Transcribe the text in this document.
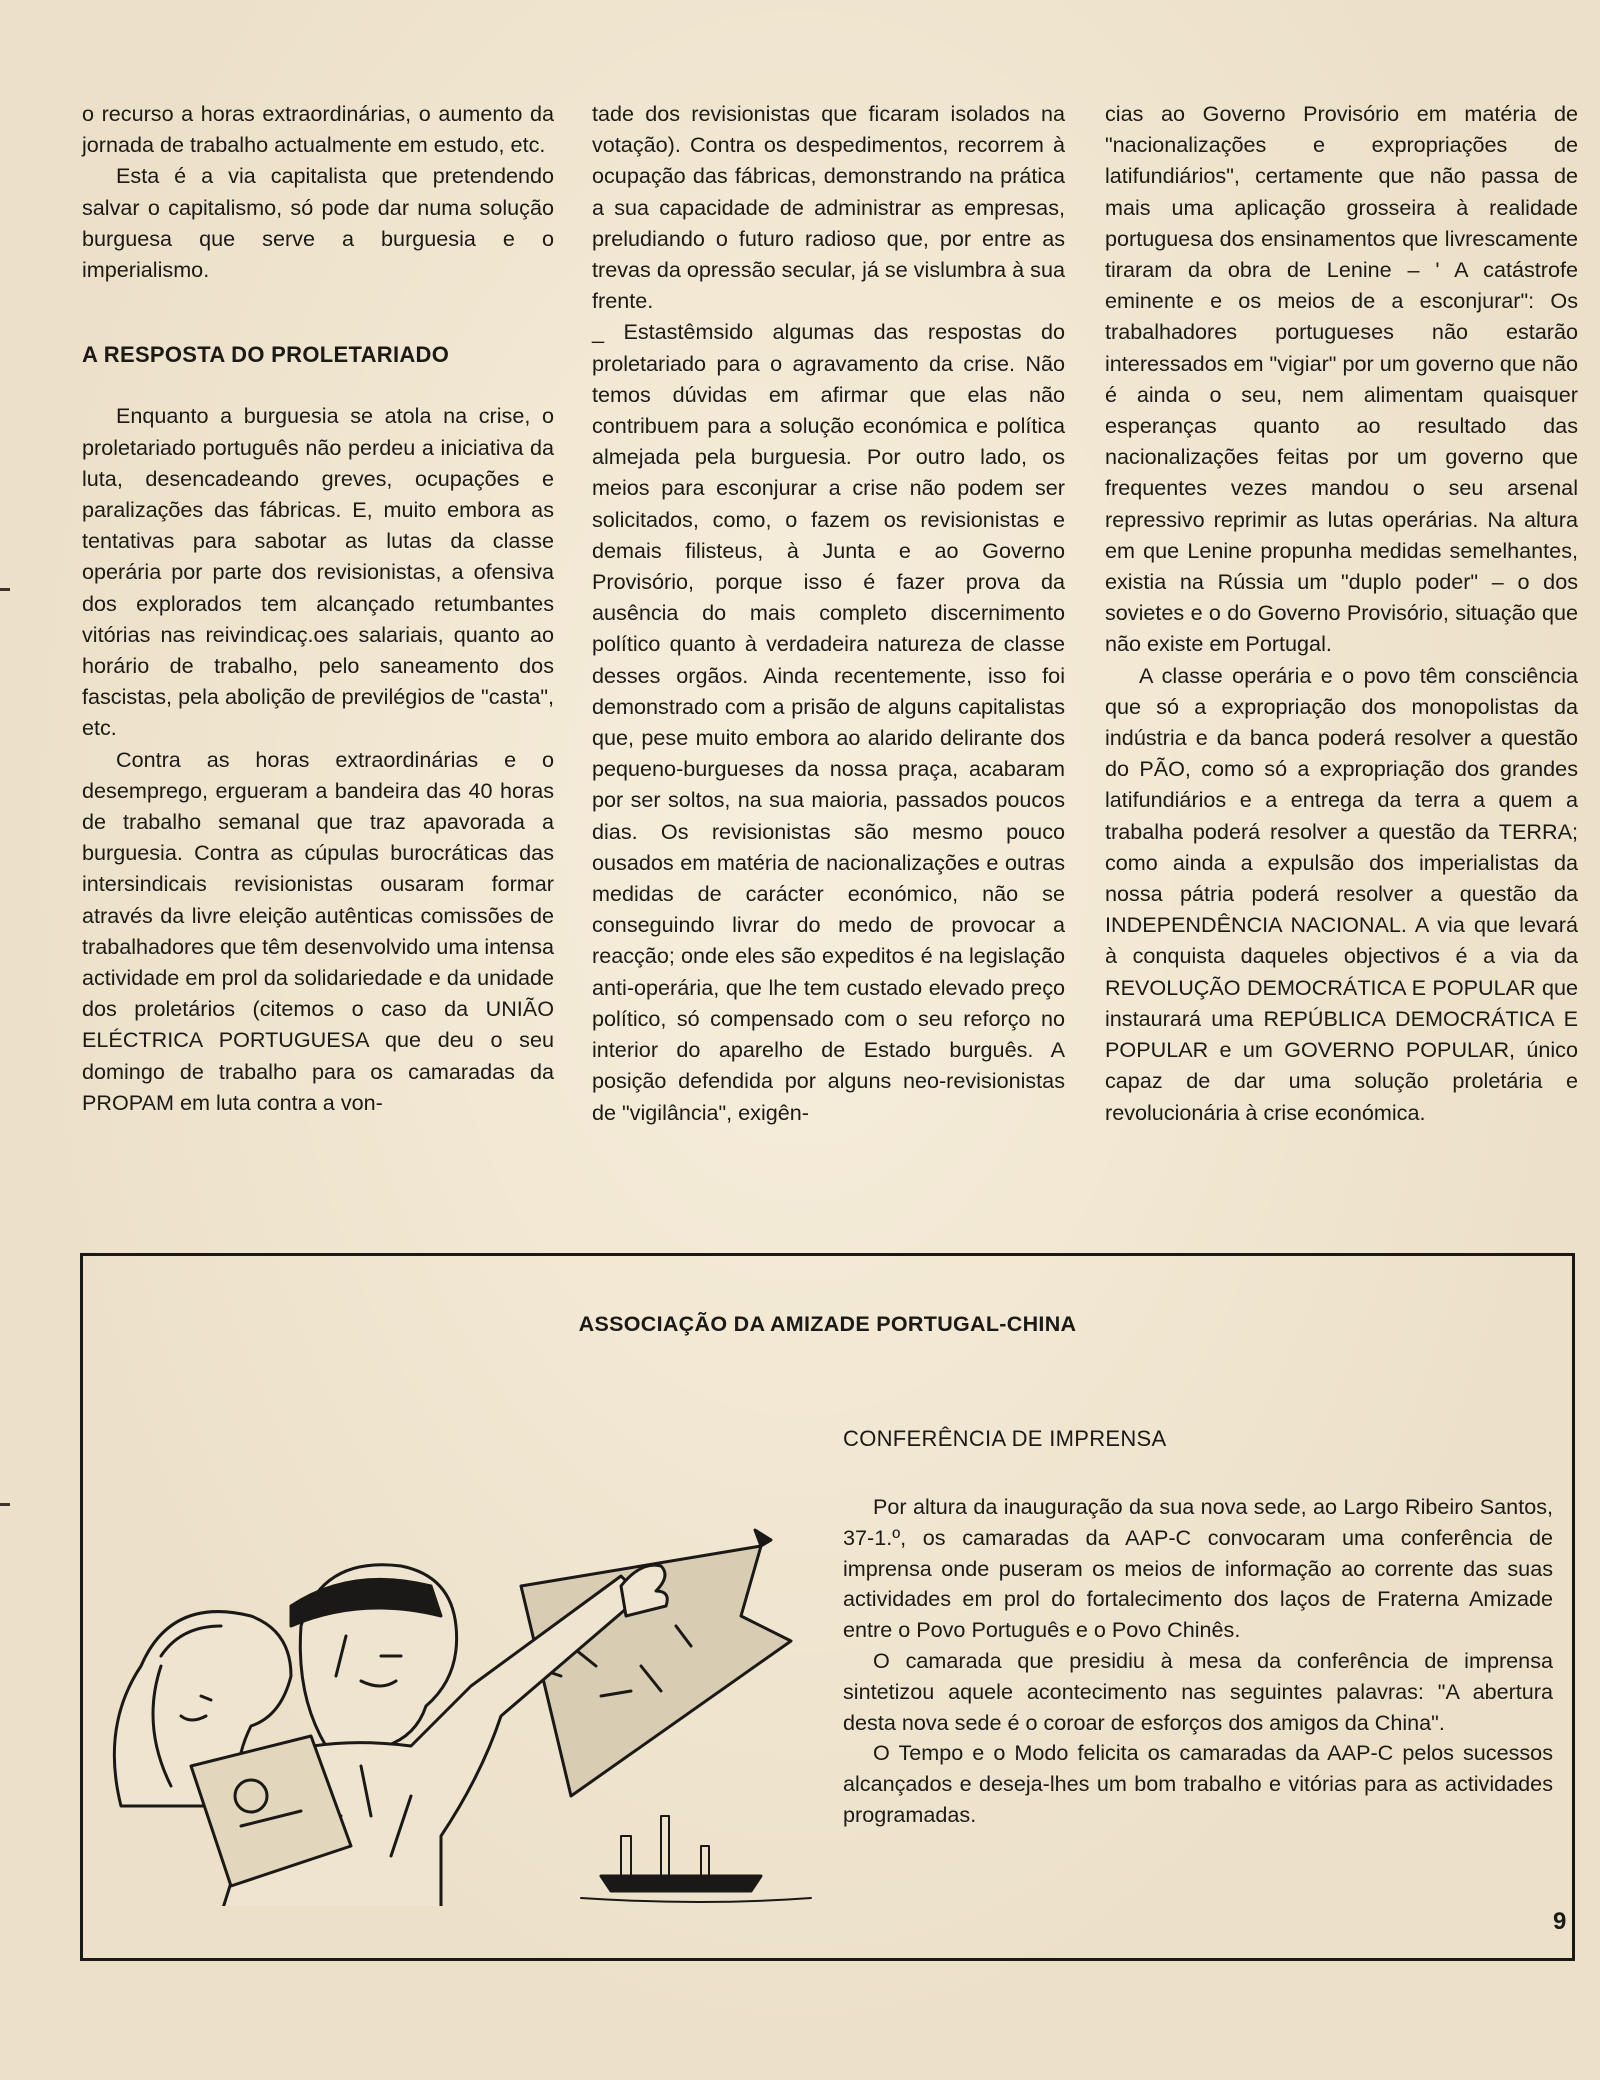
o recurso a horas extraordinárias, o aumento da jornada de trabalho actualmente em estudo, etc.

Esta é a via capitalista que pretendendo salvar o capitalismo, só pode dar numa solução burguesa que serve a burguesia e o imperialismo.

A RESPOSTA DO PROLETARIADO

Enquanto a burguesia se atola na crise, o proletariado português não perdeu a iniciativa da luta, desencadeando greves, ocupações e paralizações das fábricas. E, muito embora as tentativas para sabotar as lutas da classe operária por parte dos revisionistas, a ofensiva dos explorados tem alcançado retumbantes vitórias nas reivindicaç.oes salariais, quanto ao horário de trabalho, pelo saneamento dos fascistas, pela abolição de previlégios de "casta", etc.

Contra as horas extraordinárias e o desemprego, ergueram a bandeira das 40 horas de trabalho semanal que traz apavorada a burguesia. Contra as cúpulas burocráticas das intersindicais revisionistas ousaram formar através da livre eleição autênticas comissões de trabalhadores que têm desenvolvido uma intensa actividade em prol da solidariedade e da unidade dos proletários (citemos o caso da UNIÃO ELÉCTRICA PORTUGUESA que deu o seu domingo de trabalho para os camaradas da PROPAM em luta contra a von-

tade dos revisionistas que ficaram isolados na votação). Contra os despedimentos, recorrem à ocupação das fábricas, demonstrando na prática a sua capacidade de administrar as empresas, preludiando o futuro radioso que, por entre as trevas da opressão secular, já se vislumbra à sua frente.

_ Estastêmsido algumas das respostas do proletariado para o agravamento da crise. Não temos dúvidas em afirmar que elas não contribuem para a solução económica e política almejada pela burguesia. Por outro lado, os meios para esconjurar a crise não podem ser solicitados, como, o fazem os revisionistas e demais filisteus, à Junta e ao Governo Provisório, porque isso é fazer prova da ausência do mais completo discernimento político quanto à verdadeira natureza de classe desses orgãos. Ainda recentemente, isso foi demonstrado com a prisão de alguns capitalistas que, pese muito embora ao alarido delirante dos pequeno-burgueses da nossa praça, acabaram por ser soltos, na sua maioria, passados poucos dias. Os revisionistas são mesmo pouco ousados em matéria de nacionalizações e outras medidas de carácter económico, não se conseguindo livrar do medo de provocar a reacção; onde eles são expeditos é na legislação anti-operária, que lhe tem custado elevado preço político, só compensado com o seu reforço no interior do aparelho de Estado burguês. A posição defendida por alguns neo-revisionistas de "vigilância", exigên-

cias ao Governo Provisório em matéria de "nacionalizações e expropriações de latifundiários", certamente que não passa de mais uma aplicação grosseira à realidade portuguesa dos ensinamentos que livrescamente tiraram da obra de Lenine – ' A catástrofe eminente e os meios de a esconjurar": Os trabalhadores portugueses não estarão interessados em "vigiar" por um governo que não é ainda o seu, nem alimentam quaisquer esperanças quanto ao resultado das nacionalizações feitas por um governo que frequentes vezes mandou o seu arsenal repressivo reprimir as lutas operárias. Na altura em que Lenine propunha medidas semelhantes, existia na Rússia um "duplo poder" – o dos sovietes e o do Governo Provisório, situação que não existe em Portugal.

A classe operária e o povo têm consciência que só a expropriação dos monopolistas da indústria e da banca poderá resolver a questão do PÃO, como só a expropriação dos grandes latifundiários e a entrega da terra a quem a trabalha poderá resolver a questão da TERRA; como ainda a expulsão dos imperialistas da nossa pátria poderá resolver a questão da INDEPENDÊNCIA NACIONAL. A via que levará à conquista daqueles objectivos é a via da REVOLUÇÃO DEMOCRÁTICA E POPULAR que instaurará uma REPÚBLICA DEMOCRÁTICA E POPULAR e um GOVERNO POPULAR, único capaz de dar uma solução proletária e revolucionária à crise económica.

ASSOCIAÇÃO DA AMIZADE PORTUGAL-CHINA
CONFERÊNCIA DE IMPRENSA

Por altura da inauguração da sua nova sede, ao Largo Ribeiro Santos, 37-1.º, os camaradas da AAP-C convocaram uma conferência de imprensa onde puseram os meios de informação ao corrente das suas actividades em prol do fortalecimento dos laços de Fraterna Amizade entre o Povo Português e o Povo Chinês.

O camarada que presidiu à mesa da conferência de imprensa sintetizou aquele acontecimento nas seguintes palavras: "A abertura desta nova sede é o coroar de esforços dos amigos da China".

O Tempo e o Modo felicita os camaradas da AAP-C pelos sucessos alcançados e deseja-lhes um bom trabalho e vitórias para as actividades programadas.

9
